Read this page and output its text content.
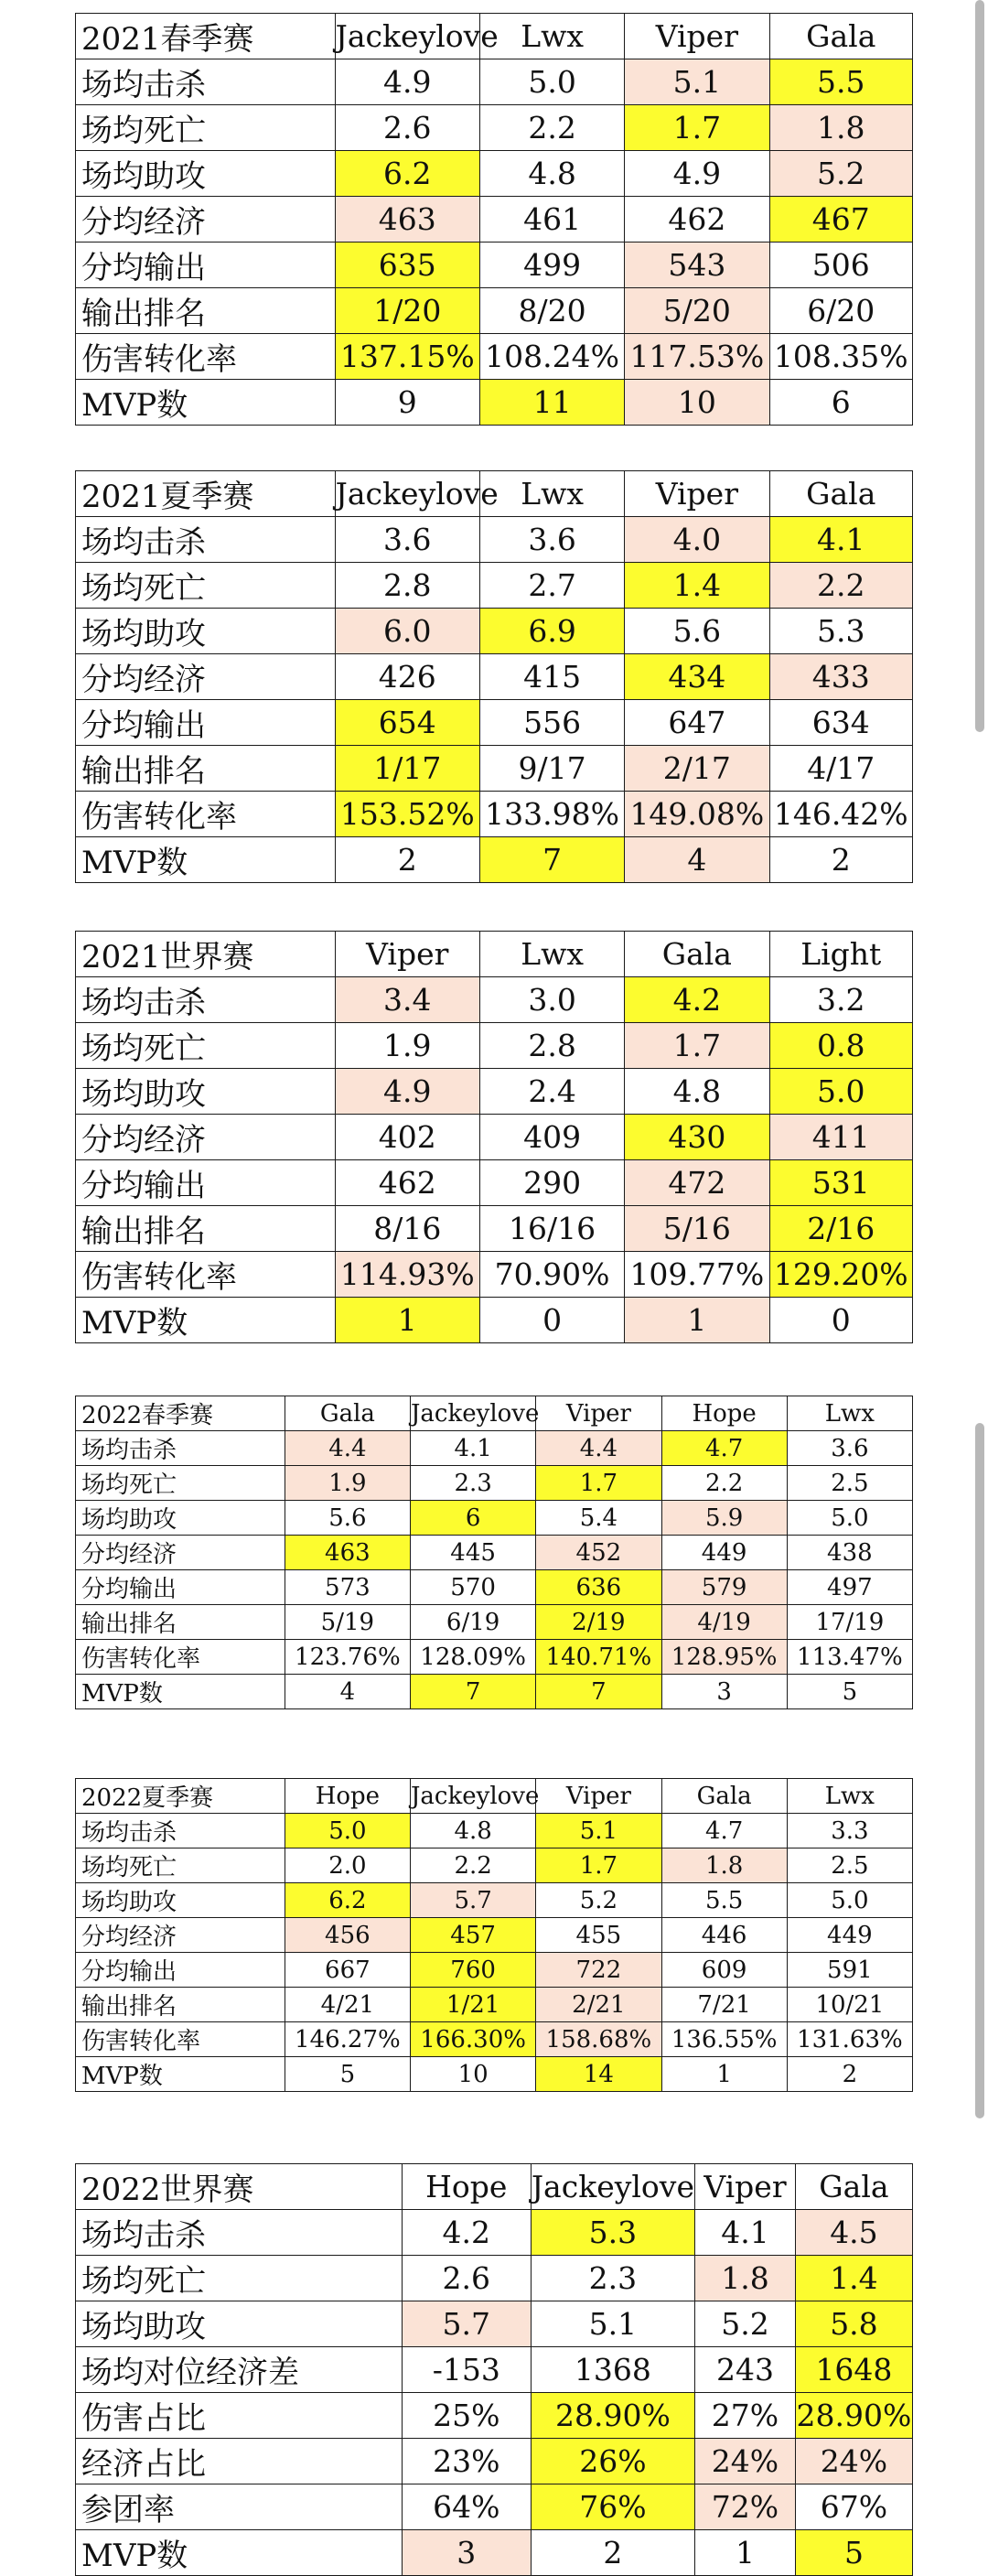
2021春季赛	Jackeylove	Lwx	Viper	Gala
场均击杀	4.9	5.0	5.1	5.5
场均死亡	2.6	2.2	1.7	1.8
场均助攻	6.2	4.8	4.9	5.2
分均经济	463	461	462	467
分均输出	635	499	543	506
输出排名	1/20	8/20	5/20	6/20
伤害转化率	137.15%	108.24%	117.53%	108.35%
MVP数	9	11	10	6
2021夏季赛	Jackeylove	Lwx	Viper	Gala
场均击杀	3.6	3.6	4.0	4.1
场均死亡	2.8	2.7	1.4	2.2
场均助攻	6.0	6.9	5.6	5.3
分均经济	426	415	434	433
分均输出	654	556	647	634
输出排名	1/17	9/17	2/17	4/17
伤害转化率	153.52%	133.98%	149.08%	146.42%
MVP数	2	7	4	2
2021世界赛	Viper	Lwx	Gala	Light
场均击杀	3.4	3.0	4.2	3.2
场均死亡	1.9	2.8	1.7	0.8
场均助攻	4.9	2.4	4.8	5.0
分均经济	402	409	430	411
分均输出	462	290	472	531
输出排名	8/16	16/16	5/16	2/16
伤害转化率	114.93%	70.90%	109.77%	129.20%
MVP数	1	0	1	0
2022春季赛	Gala	Jackeylove	Viper	Hope	Lwx
场均击杀	4.4	4.1	4.4	4.7	3.6
场均死亡	1.9	2.3	1.7	2.2	2.5
场均助攻	5.6	6	5.4	5.9	5.0
分均经济	463	445	452	449	438
分均输出	573	570	636	579	497
输出排名	5/19	6/19	2/19	4/19	17/19
伤害转化率	123.76%	128.09%	140.71%	128.95%	113.47%
MVP数	4	7	7	3	5
2022夏季赛	Hope	Jackeylove	Viper	Gala	Lwx
场均击杀	5.0	4.8	5.1	4.7	3.3
场均死亡	2.0	2.2	1.7	1.8	2.5
场均助攻	6.2	5.7	5.2	5.5	5.0
分均经济	456	457	455	446	449
分均输出	667	760	722	609	591
输出排名	4/21	1/21	2/21	7/21	10/21
伤害转化率	146.27%	166.30%	158.68%	136.55%	131.63%
MVP数	5	10	14	1	2
2022世界赛	Hope	Jackeylove	Viper	Gala
场均击杀	4.2	5.3	4.1	4.5
场均死亡	2.6	2.3	1.8	1.4
场均助攻	5.7	5.1	5.2	5.8
场均对位经济差	-153	1368	243	1648
伤害占比	25%	28.90%	27%	28.90%
经济占比	23%	26%	24%	24%
参团率	64%	76%	72%	67%
MVP数	3	2	1	5
